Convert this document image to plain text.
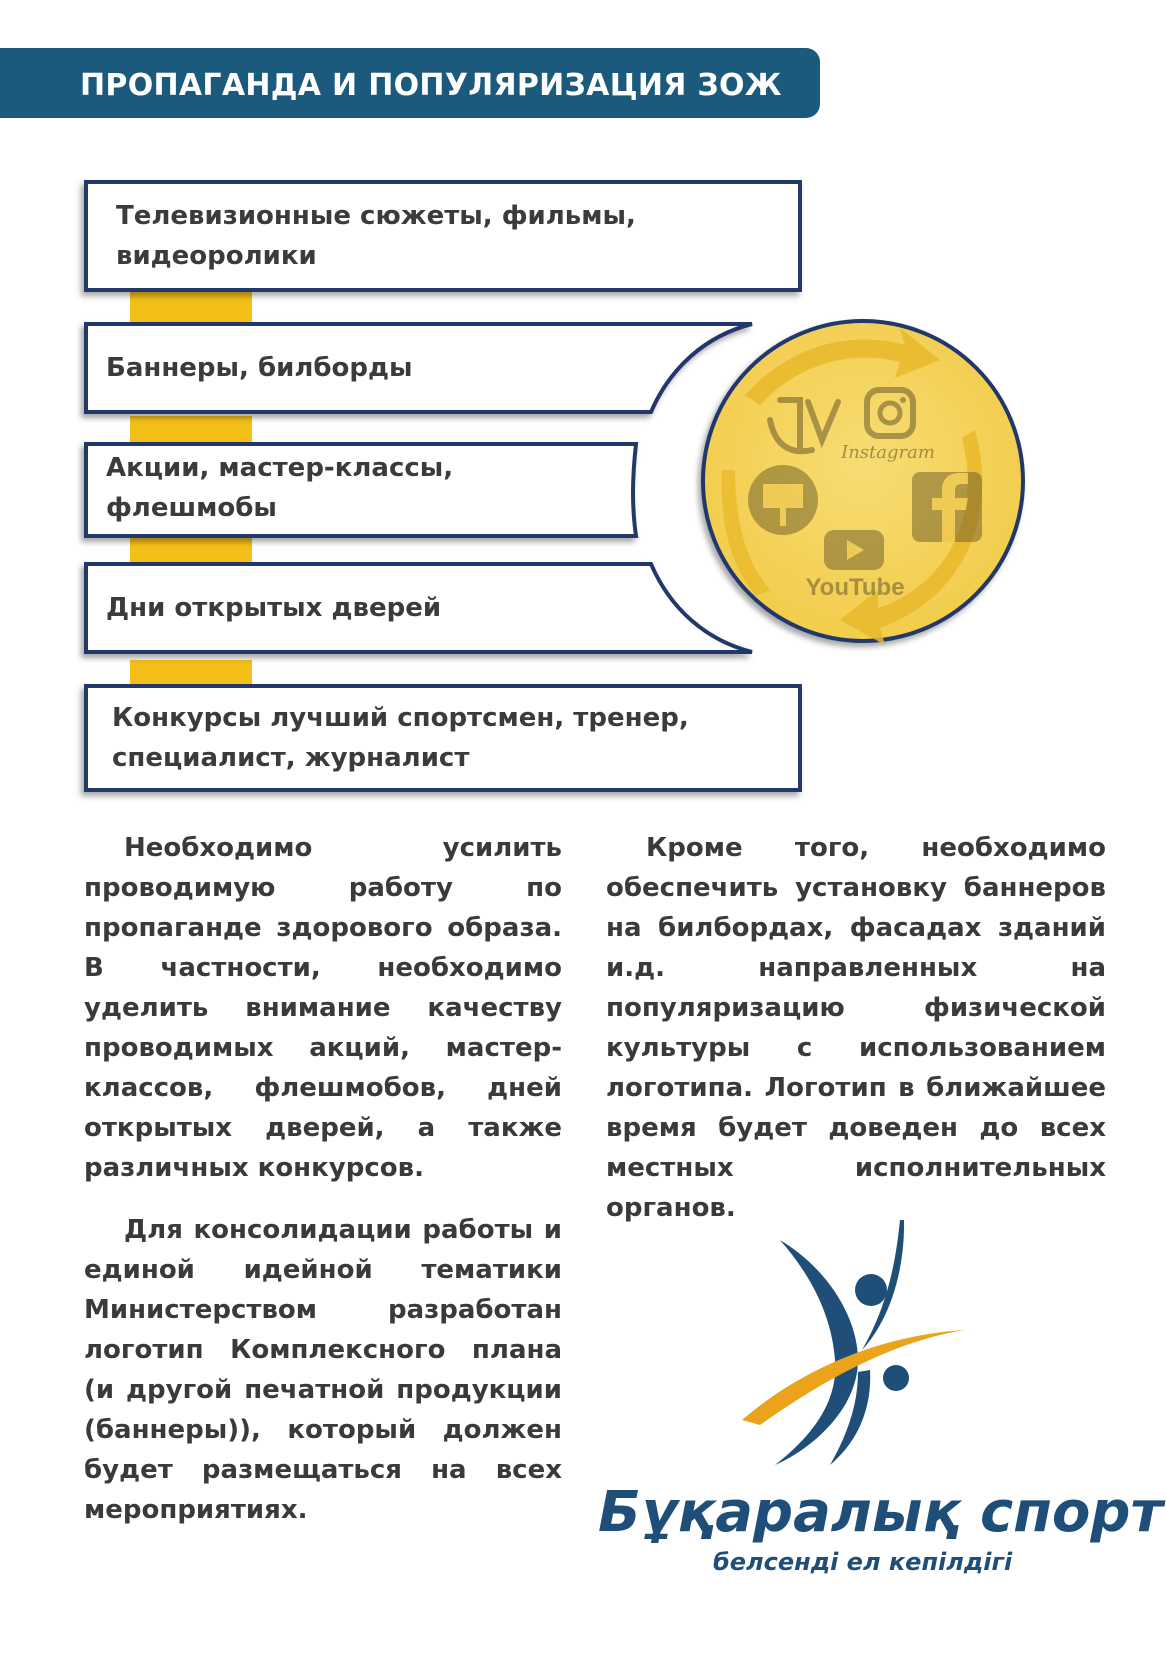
ПРОПАГАНДА И ПОПУЛЯРИЗАЦИЯ ЗОЖ
Телевизионные сюжеты, фильмы,
видеоролики
Конкурсы лучший спортсмен, тренер,
специалист, журналист
Instagram
YouTube
Баннеры, билборды
Акции, мастер-классы,
флешмобы
Дни открытых дверей

Необходимо усилить проводимую работу по пропаганде здорового образа. В частности, необходимо уделить внимание качеству проводимых акций, мастер-классов, флешмобов, дней открытых дверей, а также различных конкурсов.

Для консолидации работы и единой идейной тематики Министерством разработан логотип Комплексного плана (и другой печатной продукции (баннеры)), который должен будет размещаться на всех мероприятиях.

Кроме того, необходимо обеспечить установку баннеров на билбордах, фасадах зданий и.д. направленных на популяризацию физической культуры с использованием логотипа. Логотип в ближайшее время будет доведен до всех местных исполнительных органов.

Бұқаралық спорт
белсенді ел кепілдігі
